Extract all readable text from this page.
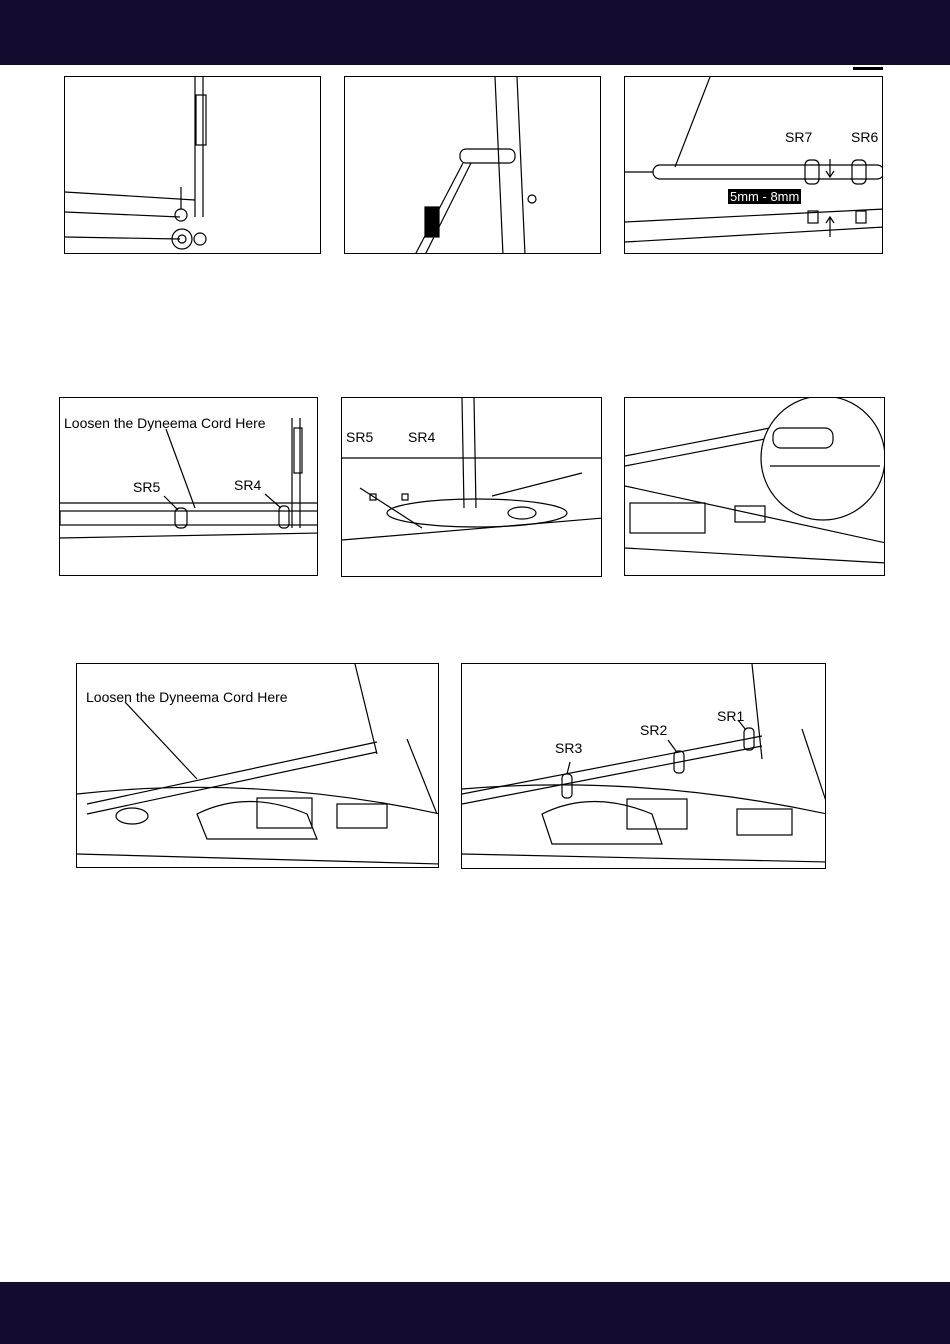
SR7	SR6
5mm - 8mm
Loosen the Dyneema Cord Here
SR5	SR4
SR5 SR4
Loosen the Dyneema Cord Here
SR3
SR2
SR1
